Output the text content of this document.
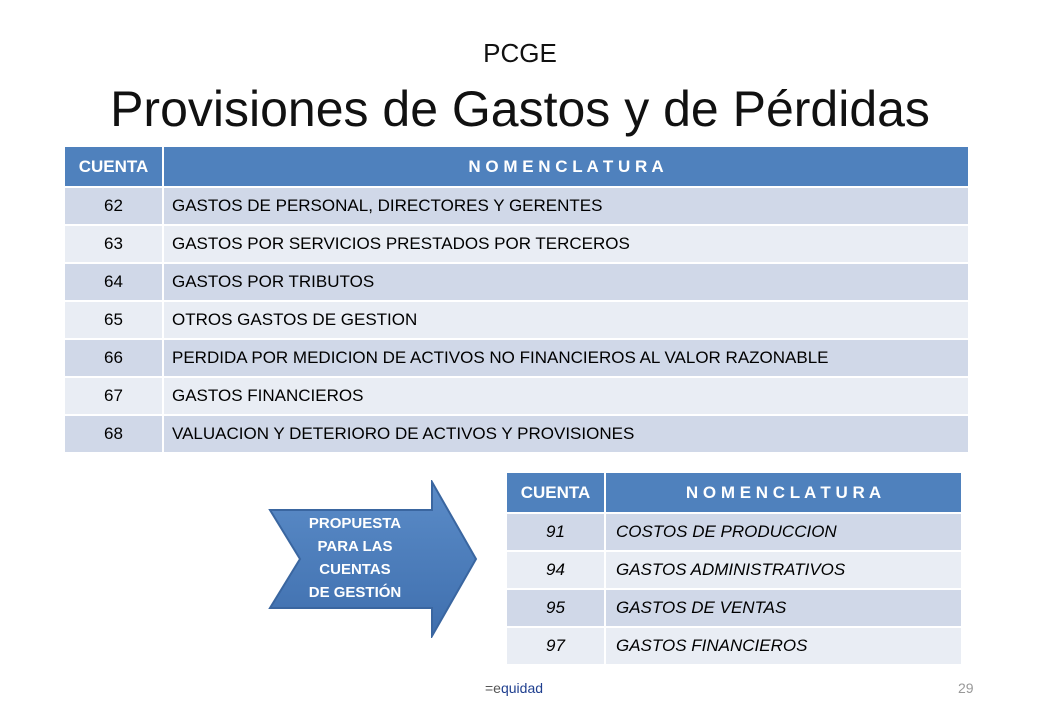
PCGE
Provisiones de Gastos y de Pérdidas
CUENTA	N O M E N C L A T U R A
62	GASTOS DE PERSONAL, DIRECTORES Y GERENTES
63	GASTOS POR SERVICIOS PRESTADOS POR TERCEROS
64	GASTOS POR TRIBUTOS
65	OTROS GASTOS DE GESTION
66	PERDIDA POR MEDICION DE ACTIVOS NO FINANCIEROS AL VALOR RAZONABLE
67	GASTOS FINANCIEROS
68	VALUACION Y DETERIORO DE ACTIVOS Y PROVISIONES
PROPUESTA
PARA LAS
CUENTAS
DE GESTIÓN
CUENTA	N O M E N C L A T U R A
91	COSTOS DE PRODUCCION
94	GASTOS ADMINISTRATIVOS
95	GASTOS DE VENTAS
97	GASTOS FINANCIEROS
=equidad	29
